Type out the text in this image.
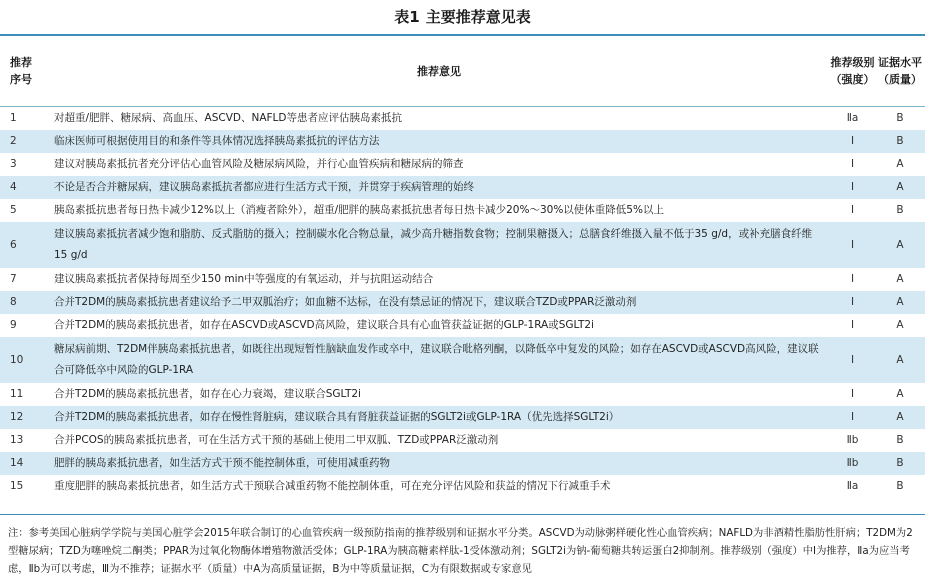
表1 主要推荐意见表
推荐
序号	推荐意见	推荐级别（强度）	证据水平（质量）
1	对超重/肥胖、糖尿病、高血压、ASCVD、NAFLD等患者应评估胰岛素抵抗	Ⅱa	B
2	临床医师可根据使用目的和条件等具体情况选择胰岛素抵抗的评估方法	Ⅰ	B
3	建议对胰岛素抵抗者充分评估心血管风险及糖尿病风险，并行心血管疾病和糖尿病的筛查	Ⅰ	A
4	不论是否合并糖尿病，建议胰岛素抵抗者都应进行生活方式干预，并贯穿于疾病管理的始终	Ⅰ	A
5	胰岛素抵抗患者每日热卡减少12%以上（消瘦者除外），超重/肥胖的胰岛素抵抗患者每日热卡减少20%～30%以使体重降低5%以上	Ⅰ	B
6	建议胰岛素抵抗者减少饱和脂肪、反式脂肪的摄入；控制碳水化合物总量，减少高升糖指数食物；控制果糖摄入；总膳食纤维摄入量不低于35 g/d，或补充膳食纤维15 g/d	Ⅰ	A
7	建议胰岛素抵抗者保持每周至少150 min中等强度的有氧运动，并与抗阻运动结合	Ⅰ	A
8	合并T2DM的胰岛素抵抗患者建议给予二甲双胍治疗；如血糖不达标，在没有禁忌证的情况下，建议联合TZD或PPAR泛激动剂	Ⅰ	A
9	合并T2DM的胰岛素抵抗患者，如存在ASCVD或ASCVD高风险，建议联合具有心血管获益证据的GLP-1RA或SGLT2i	Ⅰ	A
10	糖尿病前期、T2DM伴胰岛素抵抗患者，如既往出现短暂性脑缺血发作或卒中，建议联合吡格列酮，以降低卒中复发的风险；如存在ASCVD或ASCVD高风险，建议联合可降低卒中风险的GLP-1RA	Ⅰ	A
11	合并T2DM的胰岛素抵抗患者，如存在心力衰竭，建议联合SGLT2i	Ⅰ	A
12	合并T2DM的胰岛素抵抗患者，如存在慢性肾脏病，建议联合具有肾脏获益证据的SGLT2i或GLP-1RA（优先选择SGLT2i）	Ⅰ	A
13	合并PCOS的胰岛素抵抗患者，可在生活方式干预的基础上使用二甲双胍、TZD或PPAR泛激动剂	Ⅱb	B
14	肥胖的胰岛素抵抗患者，如生活方式干预不能控制体重，可使用减重药物	Ⅱb	B
15	重度肥胖的胰岛素抵抗患者，如生活方式干预联合减重药物不能控制体重，可在充分评估风险和获益的情况下行减重手术	Ⅱa	B
注：参考美国心脏病学学院与美国心脏学会2015年联合制订的心血管疾病一级预防指南的推荐级别和证据水平分类。ASCVD为动脉粥样硬化性心血管疾病；NAFLD为非酒精性脂肪性肝病；T2DM为2型糖尿病；TZD为噻唑烷二酮类；PPAR为过氧化物酶体增殖物激活受体；GLP-1RA为胰高糖素样肽-1受体激动剂；SGLT2i为钠-葡萄糖共转运蛋白2抑制剂。推荐级别（强度）中Ⅰ为推荐，Ⅱa为应当考虑，Ⅱb为可以考虑，Ⅲ为不推荐；证据水平（质量）中A为高质量证据，B为中等质量证据，C为有限数据或专家意见
